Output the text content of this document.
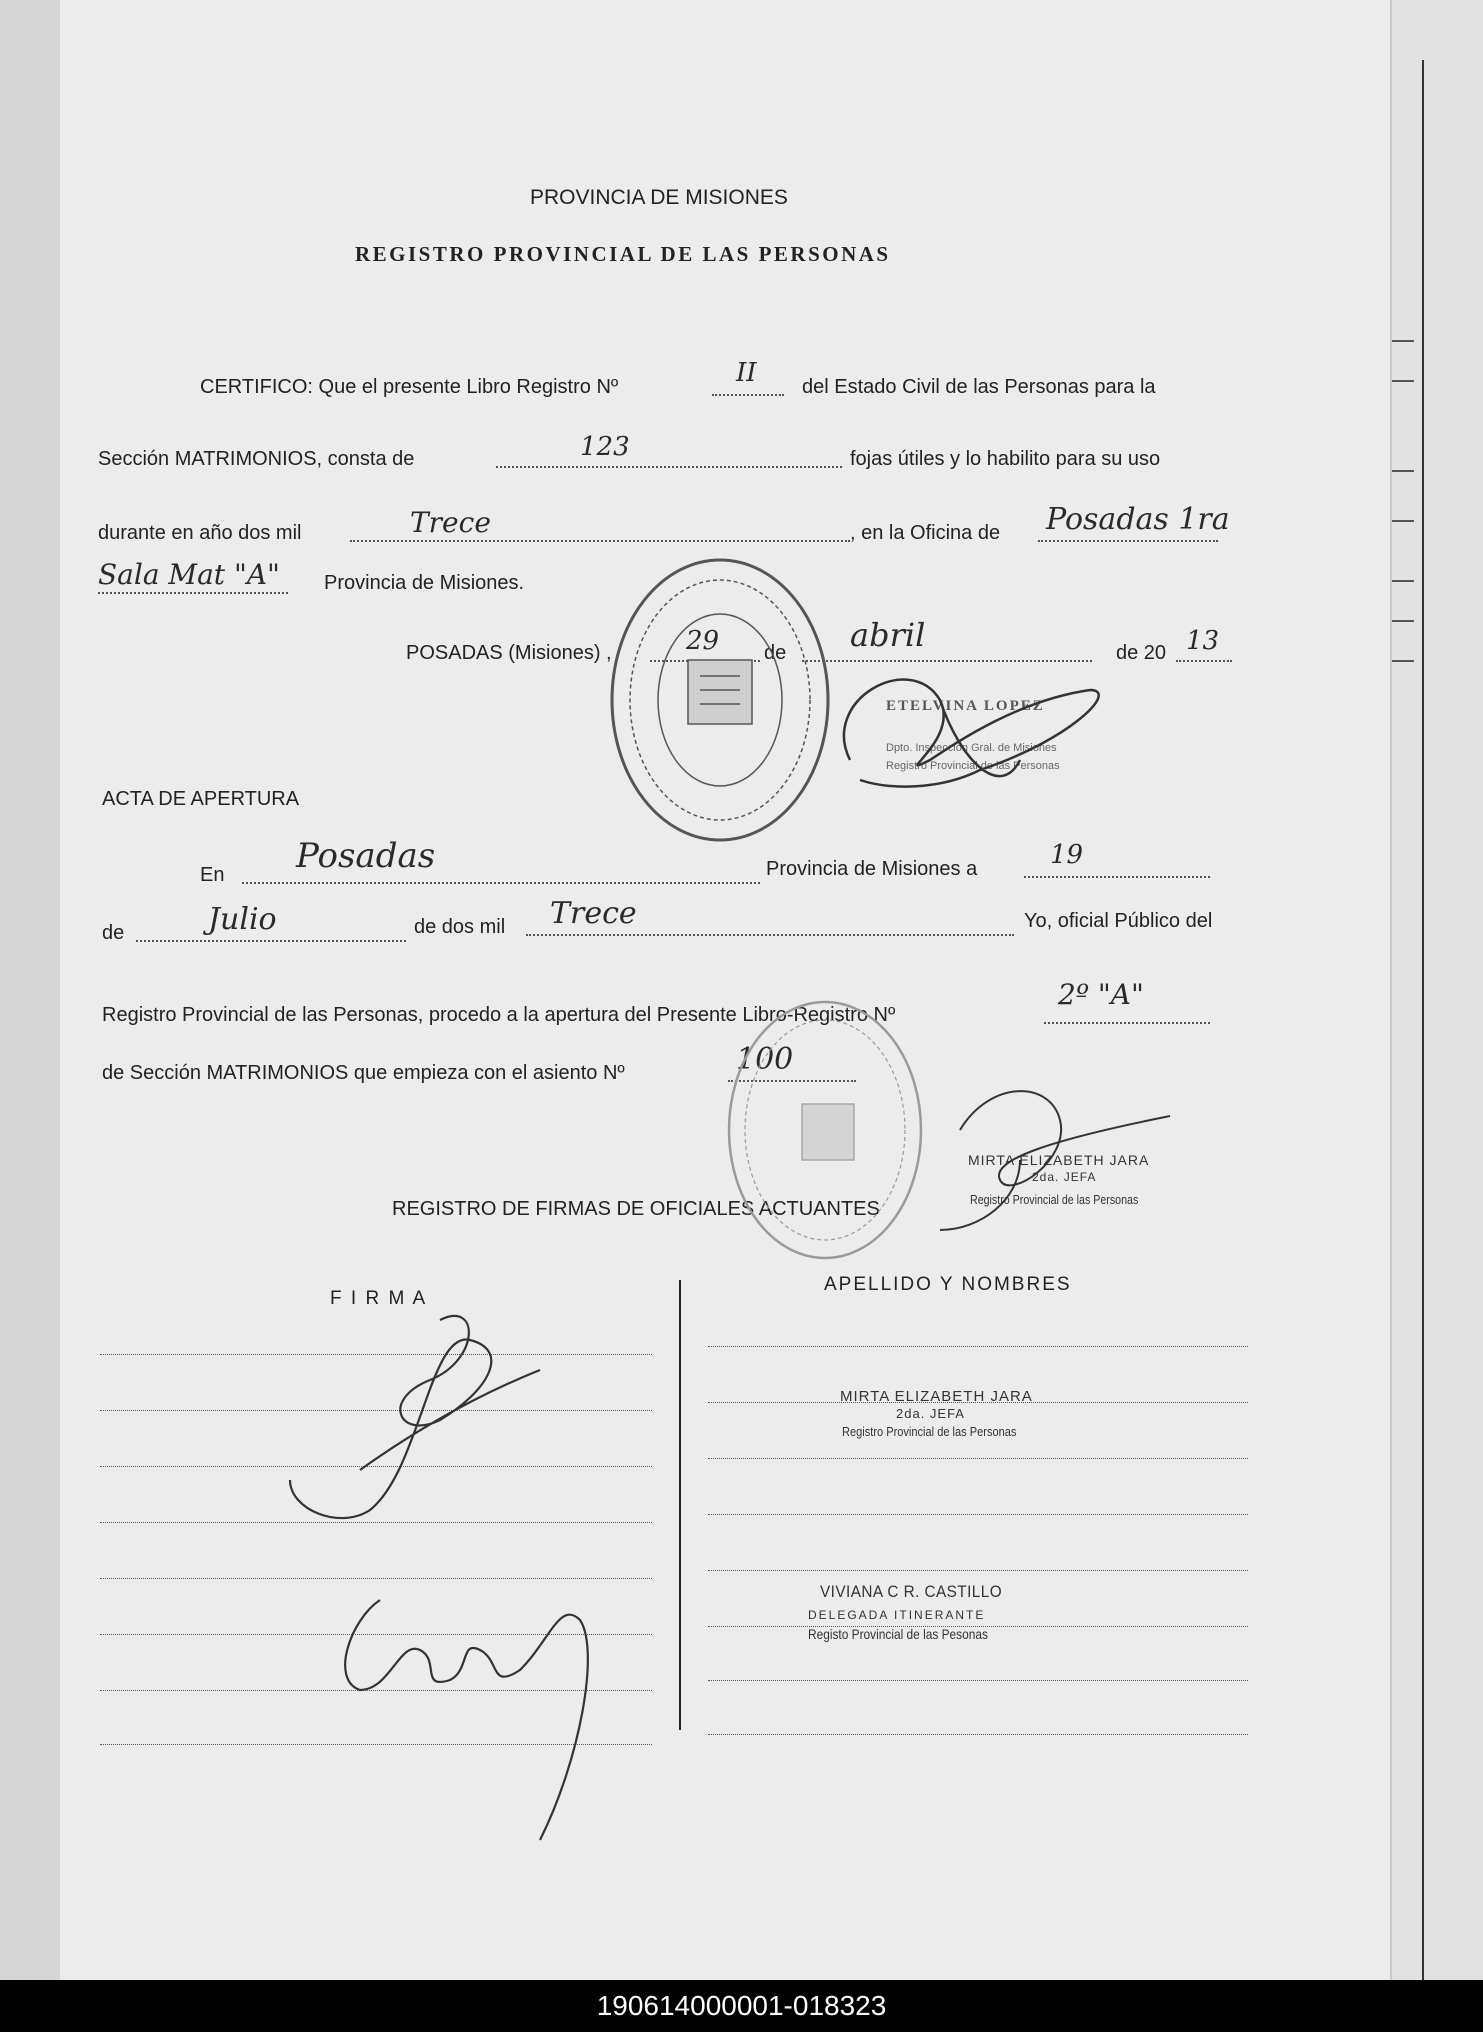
PROVINCIA DE MISIONES
REGISTRO PROVINCIAL DE LAS PERSONAS
CERTIFICO: Que el presente Libro Registro Nº	II del Estado Civil de las Personas para la
Sección MATRIMONIOS, consta de	123	fojas útiles y lo habilito para su uso
durante en año dos mil	Trece	, en la Oficina de Posadas 1ra
Sala Mat "A" Provincia de Misiones.
POSADAS (Misiones) ,	29 de abril	de 20 13
ACTA DE APERTURA
En Posadas	Provincia de Misiones a	19
de	Julio	de dos mil Trece	Yo, oficial Público del
Registro Provincial de las Personas, procedo a la apertura del Presente Libro-Registro Nº
2º "A"
de Sección MATRIMONIOS que empieza con el asiento Nº	100
REGISTRO DE FIRMAS DE OFICIALES ACTUANTES
F I R M A
APELLIDO Y NOMBRES
MIRTA ELIZABETH JARA
2da. JEFA
Registro Provincial de las Personas
VIVIANA C R. CASTILLO
DELEGADA ITINERANTE
Registo Provincial de las Pesonas
ETELVINA LOPEZ
Dpto. Inspección Gral. de Misiones
Registro Provincial de las Personas
MIRTA ELIZABETH JARA
2da. JEFA
Registro Provincial de las Personas
190614000001-018323
